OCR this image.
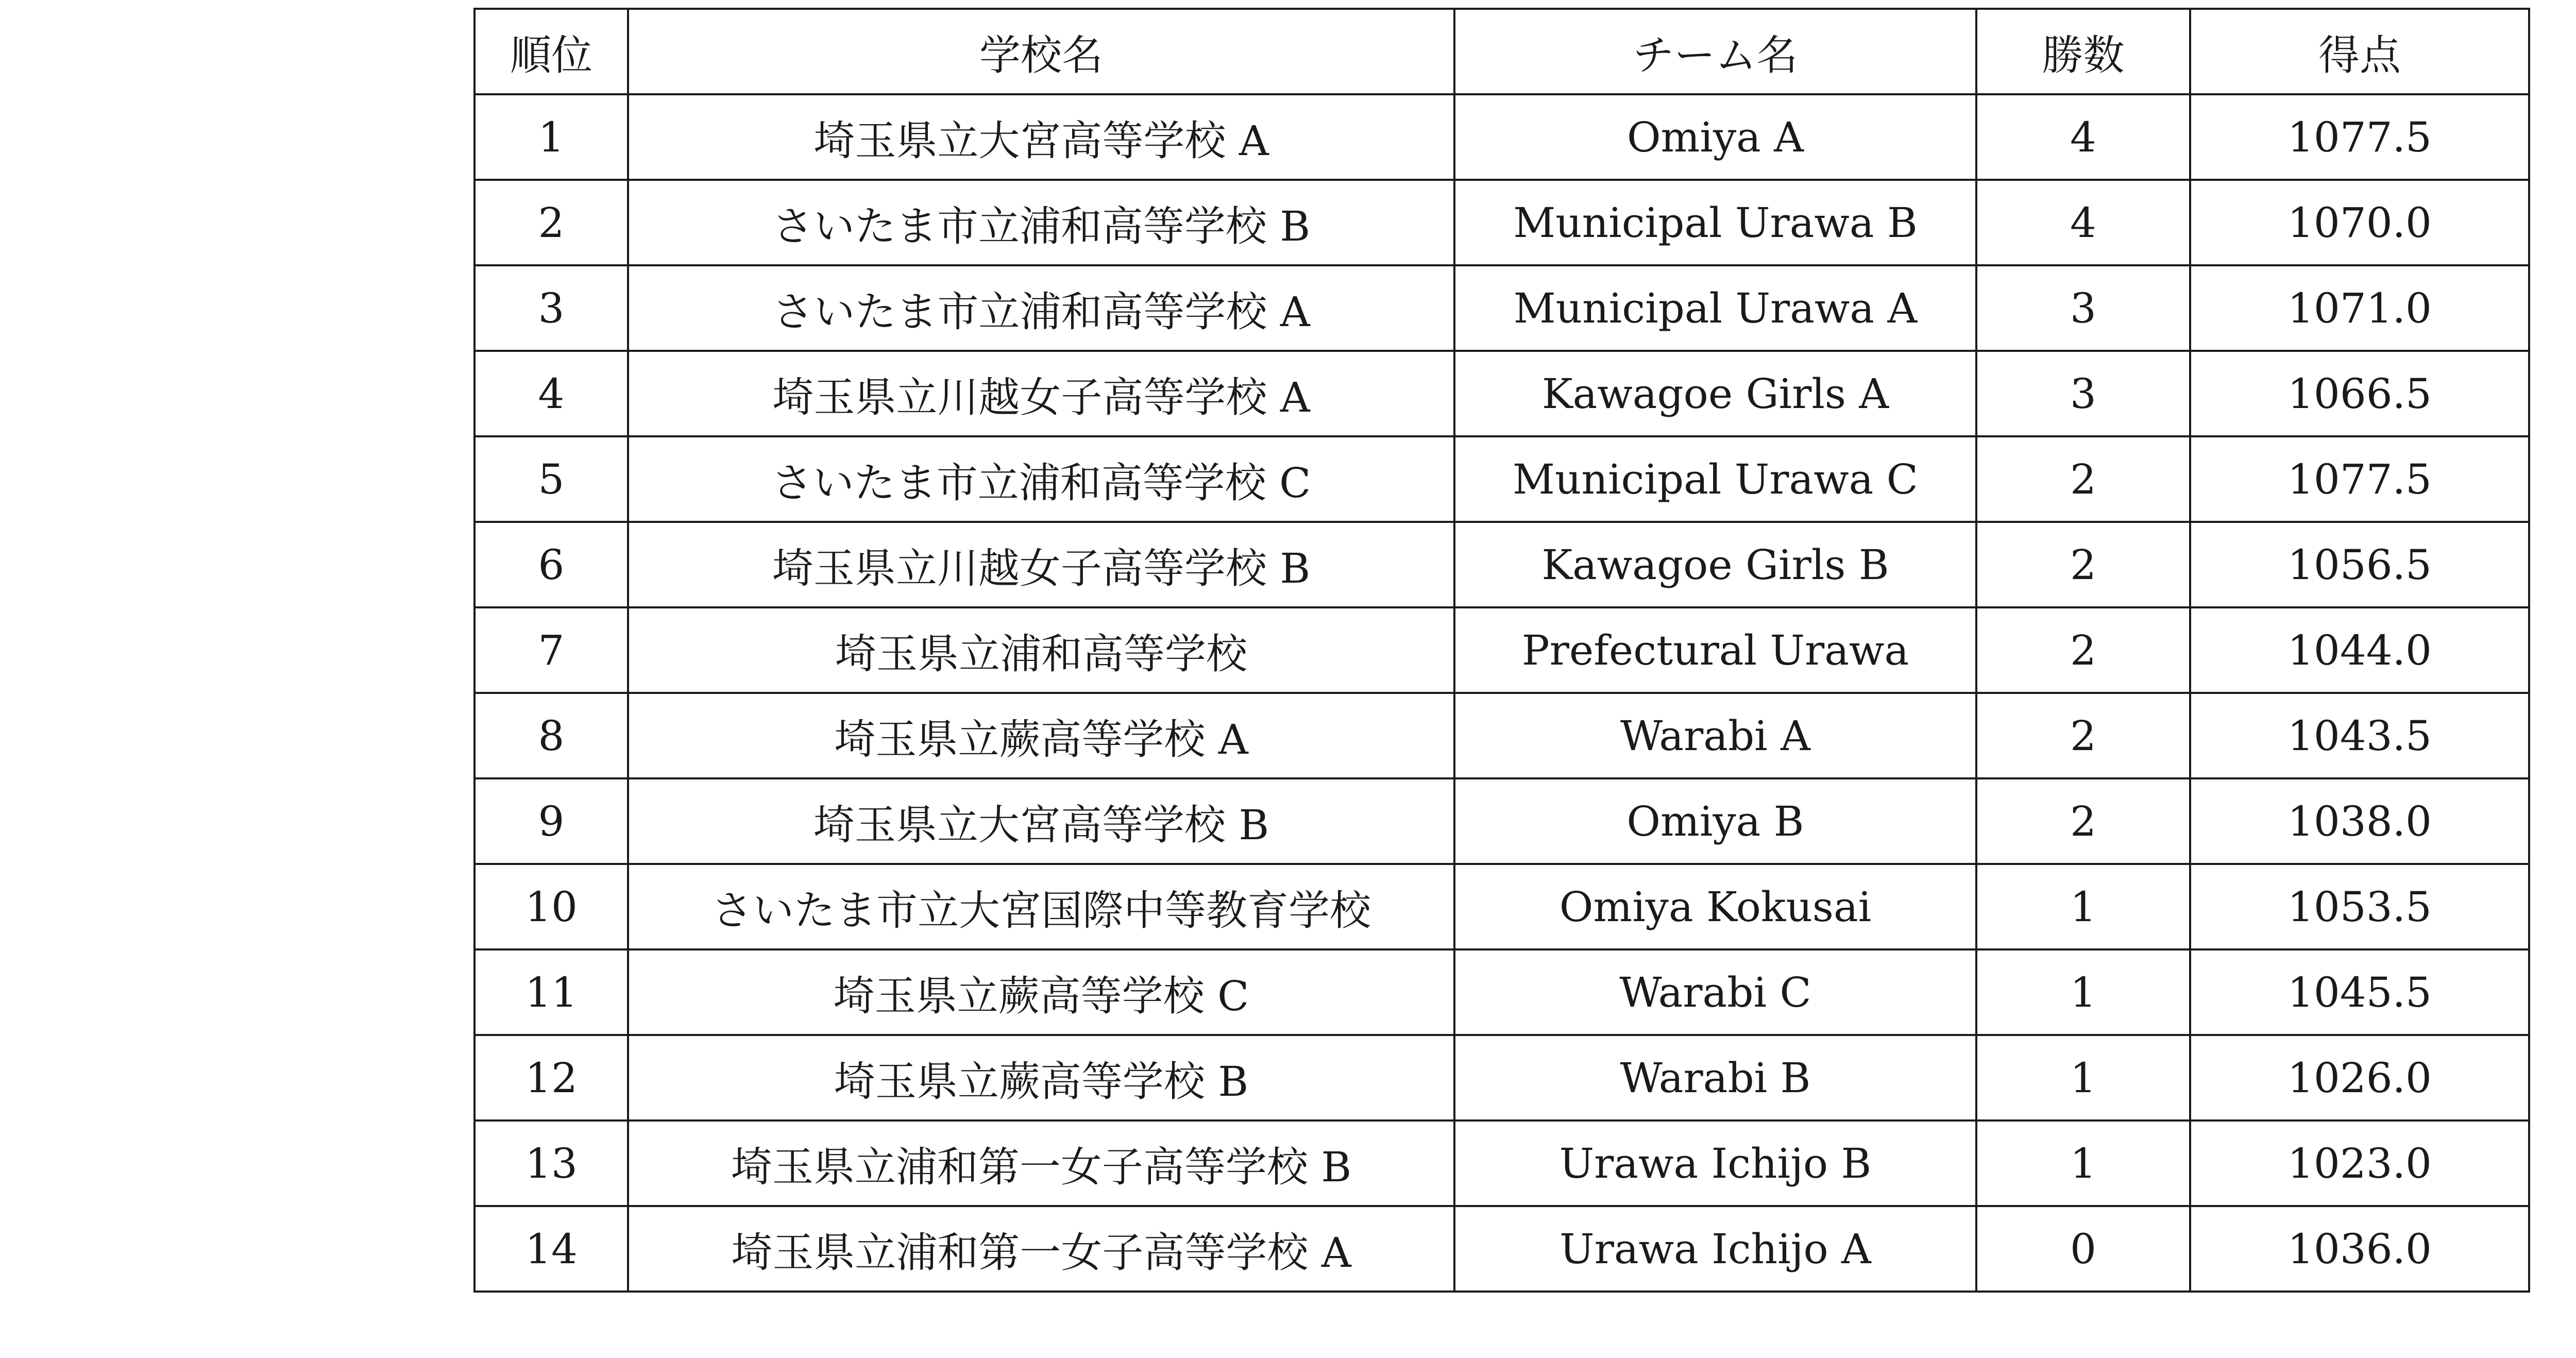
順位	学校名	チーム名	勝数	得点
1	埼玉県立大宮高等学校 A	Omiya A	4	1077.5
2	さいたま市立浦和高等学校 B	Municipal Urawa B	4	1070.0
3	さいたま市立浦和高等学校 A	Municipal Urawa A	3	1071.0
4	埼玉県立川越女子高等学校 A	Kawagoe Girls A	3	1066.5
5	さいたま市立浦和高等学校 C	Municipal Urawa C	2	1077.5
6	埼玉県立川越女子高等学校 B	Kawagoe Girls B	2	1056.5
7	埼玉県立浦和高等学校	Prefectural Urawa	2	1044.0
8	埼玉県立蕨高等学校 A	Warabi A	2	1043.5
9	埼玉県立大宮高等学校 B	Omiya B	2	1038.0
10	さいたま市立大宮国際中等教育学校	Omiya Kokusai	1	1053.5
11	埼玉県立蕨高等学校 C	Warabi C	1	1045.5
12	埼玉県立蕨高等学校 B	Warabi B	1	1026.0
13	埼玉県立浦和第一女子高等学校 B	Urawa Ichijo B	1	1023.0
14	埼玉県立浦和第一女子高等学校 A	Urawa Ichijo A	0	1036.0
